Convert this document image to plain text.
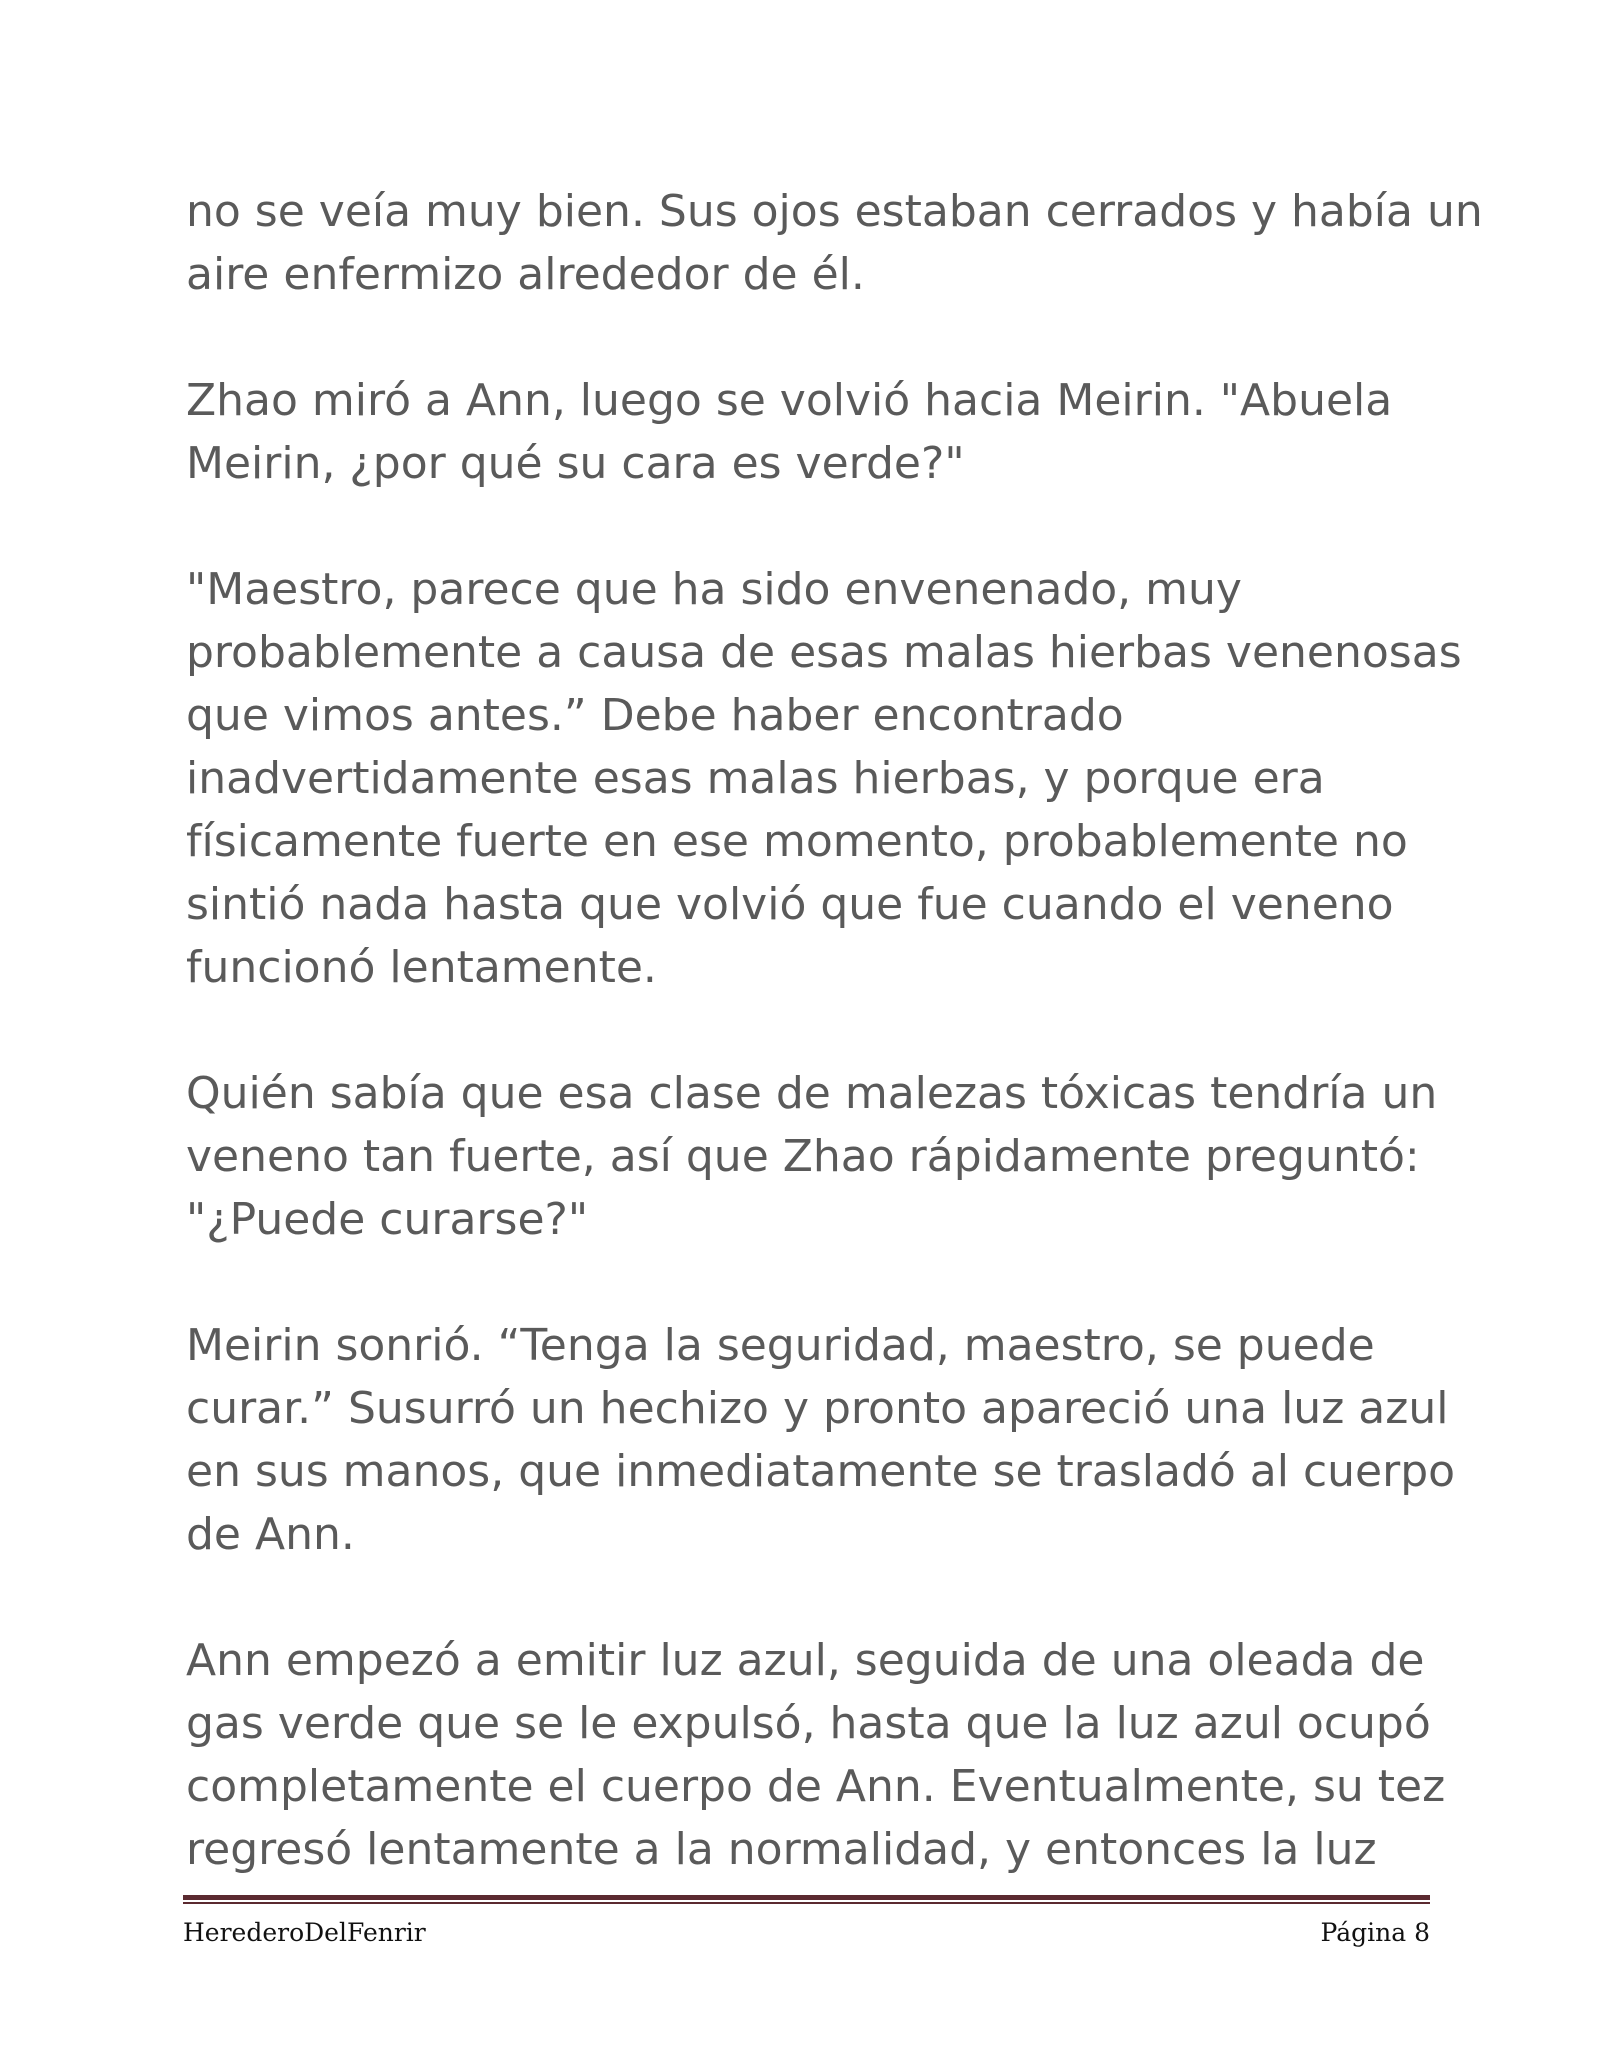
no se veía muy bien. Sus ojos estaban cerrados y había un
aire enfermizo alrededor de él.

Zhao miró a Ann, luego se volvió hacia Meirin. "Abuela
Meirin, ¿por qué su cara es verde?"

"Maestro, parece que ha sido envenenado, muy
probablemente a causa de esas malas hierbas venenosas
que vimos antes.” Debe haber encontrado
inadvertidamente esas malas hierbas, y porque era
físicamente fuerte en ese momento, probablemente no
sintió nada hasta que volvió que fue cuando el veneno
funcionó lentamente.

Quién sabía que esa clase de malezas tóxicas tendría un
veneno tan fuerte, así que Zhao rápidamente preguntó:
"¿Puede curarse?"

Meirin sonrió. “Tenga la seguridad, maestro, se puede
curar.” Susurró un hechizo y pronto apareció una luz azul
en sus manos, que inmediatamente se trasladó al cuerpo
de Ann.

Ann empezó a emitir luz azul, seguida de una oleada de
gas verde que se le expulsó, hasta que la luz azul ocupó
completamente el cuerpo de Ann. Eventualmente, su tez
regresó lentamente a la normalidad, y entonces la luz

HerederoDelFenrir	Página 8
